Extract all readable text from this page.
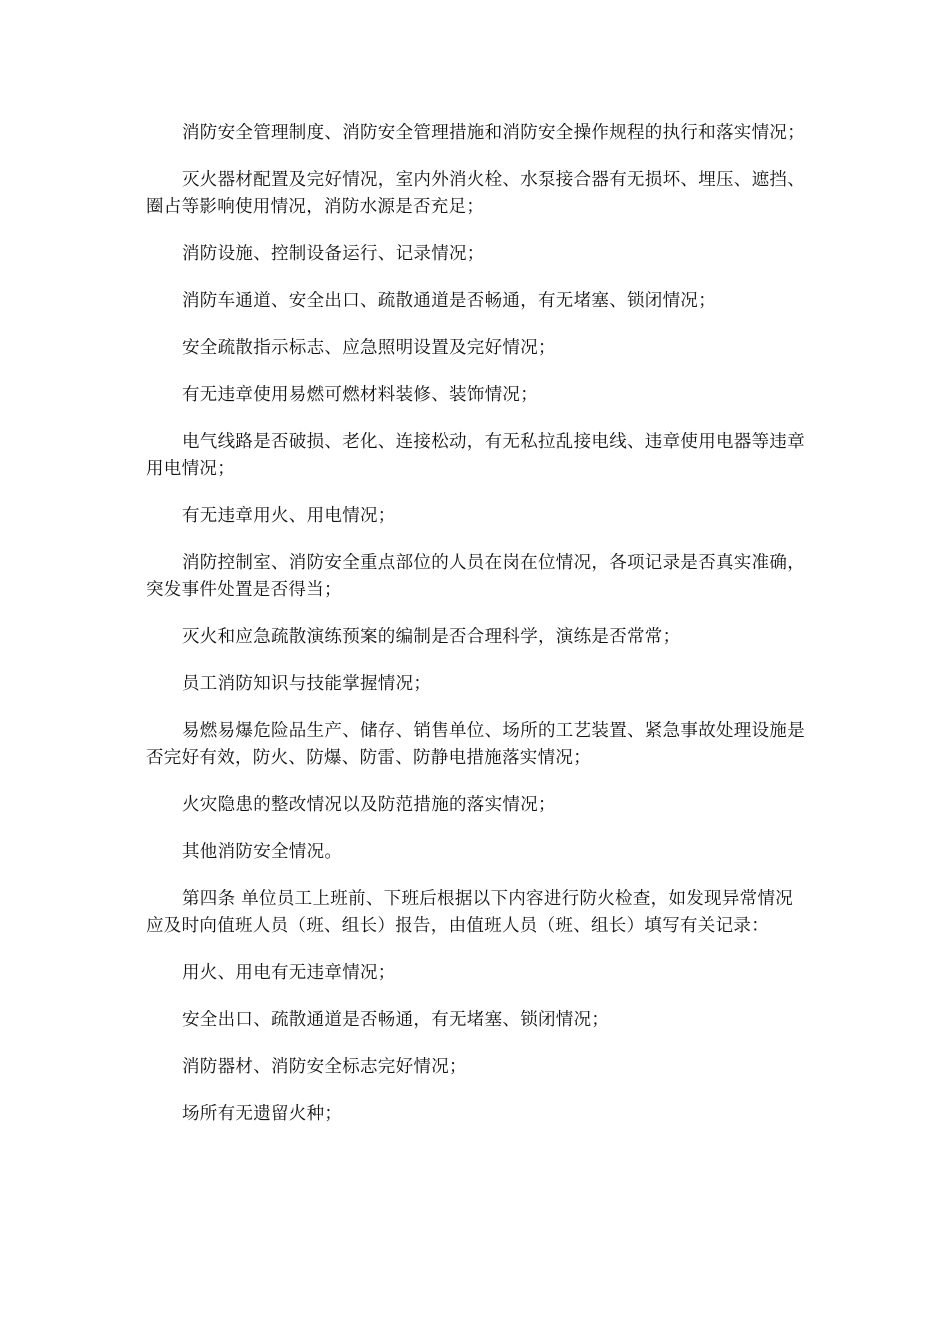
消防安全管理制度、消防安全管理措施和消防安全操作规程的执行和落实情况；

灭火器材配置及完好情况，室内外消火栓、水泵接合器有无损坏、埋压、遮挡、圈占等影响使用情况，消防水源是否充足；

消防设施、控制设备运行、记录情况；

消防车通道、安全出口、疏散通道是否畅通，有无堵塞、锁闭情况；

安全疏散指示标志、应急照明设置及完好情况；

有无违章使用易燃可燃材料装修、装饰情况；

电气线路是否破损、老化、连接松动，有无私拉乱接电线、违章使用电器等违章用电情况；

有无违章用火、用电情况；

消防控制室、消防安全重点部位的人员在岗在位情况，各项记录是否真实准确，突发事件处置是否得当；

灭火和应急疏散演练预案的编制是否合理科学，演练是否常常；

员工消防知识与技能掌握情况；

易燃易爆危险品生产、储存、销售单位、场所的工艺装置、紧急事故处理设施是否完好有效，防火、防爆、防雷、防静电措施落实情况；

火灾隐患的整改情况以及防范措施的落实情况；

其他消防安全情况。

第四条 单位员工上班前、下班后根据以下内容进行防火检查，如发现异常情况应及时向值班人员（班、组长）报告，由值班人员（班、组长）填写有关记录：

用火、用电有无违章情况；

安全出口、疏散通道是否畅通，有无堵塞、锁闭情况；

消防器材、消防安全标志完好情况；

场所有无遗留火种；
